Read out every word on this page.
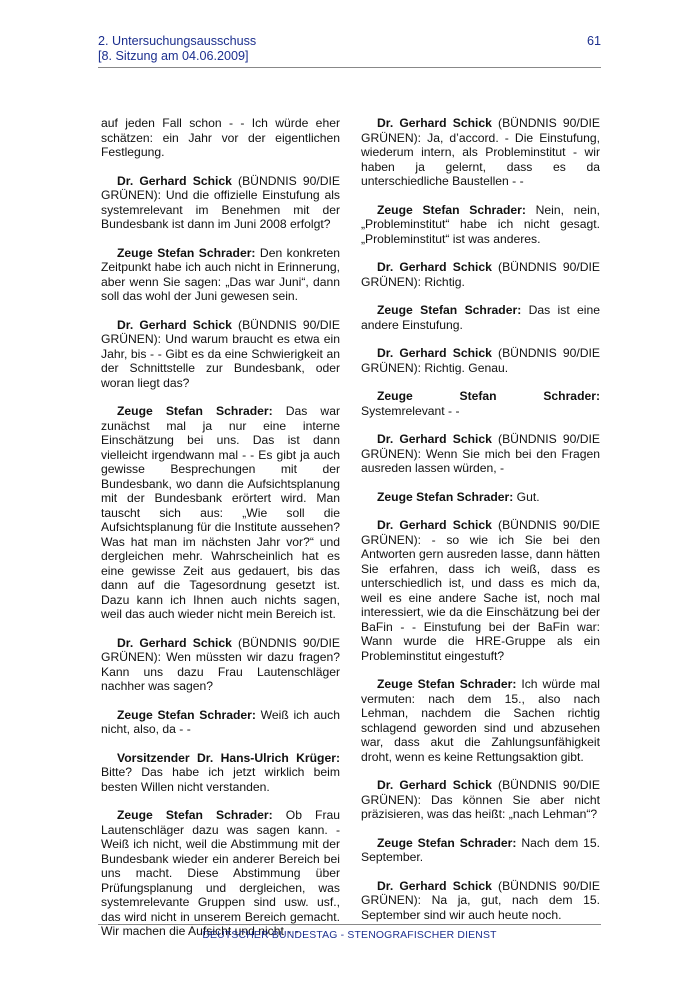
2. Untersuchungsausschuss
[8. Sitzung am 04.06.2009]
61

auf jeden Fall schon - - Ich würde eher schätzen: ein Jahr vor der eigentlichen Festlegung.

Dr. Gerhard Schick (BÜNDNIS 90/DIE GRÜNEN): Und die offizielle Einstufung als systemrelevant im Benehmen mit der Bundesbank ist dann im Juni 2008 erfolgt?

Zeuge Stefan Schrader: Den konkreten Zeitpunkt habe ich auch nicht in Erinnerung, aber wenn Sie sagen: „Das war Juni“, dann soll das wohl der Juni gewesen sein.

Dr. Gerhard Schick (BÜNDNIS 90/DIE GRÜNEN): Und warum braucht es etwa ein Jahr, bis - - Gibt es da eine Schwierigkeit an der Schnittstelle zur Bundesbank, oder woran liegt das?

Zeuge Stefan Schrader: Das war zunächst mal ja nur eine interne Einschätzung bei uns. Das ist dann vielleicht irgendwann mal - - Es gibt ja auch gewisse Besprechungen mit der Bundesbank, wo dann die Aufsichtsplanung mit der Bundesbank erörtert wird. Man tauscht sich aus: „Wie soll die Aufsichtsplanung für die Institute aussehen? Was hat man im nächsten Jahr vor?“ und dergleichen mehr. Wahrscheinlich hat es eine gewisse Zeit aus gedauert, bis das dann auf die Tagesordnung gesetzt ist. Dazu kann ich Ihnen auch nichts sagen, weil das auch wieder nicht mein Bereich ist.

Dr. Gerhard Schick (BÜNDNIS 90/DIE GRÜNEN): Wen müssten wir dazu fragen? Kann uns dazu Frau Lautenschläger nachher was sagen?

Zeuge Stefan Schrader: Weiß ich auch nicht, also, da - -

Vorsitzender Dr. Hans-Ulrich Krüger: Bitte? Das habe ich jetzt wirklich beim besten Willen nicht verstanden.

Zeuge Stefan Schrader: Ob Frau Lautenschläger dazu was sagen kann. - Weiß ich nicht, weil die Abstimmung mit der Bundesbank wieder ein anderer Bereich bei uns macht. Diese Abstimmung über Prüfungsplanung und dergleichen, was systemrelevante Gruppen sind usw. usf., das wird nicht in unserem Bereich gemacht. Wir machen die Aufsicht und nicht - -

Dr. Gerhard Schick (BÜNDNIS 90/DIE GRÜNEN): Ja, d’accord. - Die Einstufung, wiederum intern, als Probleminstitut - wir haben ja gelernt, dass es da unterschiedliche Baustellen - -

Zeuge Stefan Schrader: Nein, nein, „Probleminstitut“ habe ich nicht gesagt. „Probleminstitut“ ist was anderes.

Dr. Gerhard Schick (BÜNDNIS 90/DIE GRÜNEN): Richtig.

Zeuge Stefan Schrader: Das ist eine andere Einstufung.

Dr. Gerhard Schick (BÜNDNIS 90/DIE GRÜNEN): Richtig. Genau.

Zeuge Stefan Schrader: Systemrelevant - -

Dr. Gerhard Schick (BÜNDNIS 90/DIE GRÜNEN): Wenn Sie mich bei den Fragen ausreden lassen würden, -

Zeuge Stefan Schrader: Gut.

Dr. Gerhard Schick (BÜNDNIS 90/DIE GRÜNEN): - so wie ich Sie bei den Antworten gern ausreden lasse, dann hätten Sie erfahren, dass ich weiß, dass es unterschiedlich ist, und dass es mich da, weil es eine andere Sache ist, noch mal interessiert, wie da die Einschätzung bei der BaFin - - Einstufung bei der BaFin war: Wann wurde die HRE-Gruppe als ein Probleminstitut eingestuft?

Zeuge Stefan Schrader: Ich würde mal vermuten: nach dem 15., also nach Lehman, nachdem die Sachen richtig schlagend geworden sind und abzusehen war, dass akut die Zahlungsunfähigkeit droht, wenn es keine Rettungsaktion gibt.

Dr. Gerhard Schick (BÜNDNIS 90/DIE GRÜNEN): Das können Sie aber nicht präzisieren, was das heißt: „nach Lehman“?

Zeuge Stefan Schrader: Nach dem 15. September.

Dr. Gerhard Schick (BÜNDNIS 90/DIE GRÜNEN): Na ja, gut, nach dem 15. September sind wir auch heute noch.

DEUTSCHER BUNDESTAG - STENOGRAFISCHER DIENST
